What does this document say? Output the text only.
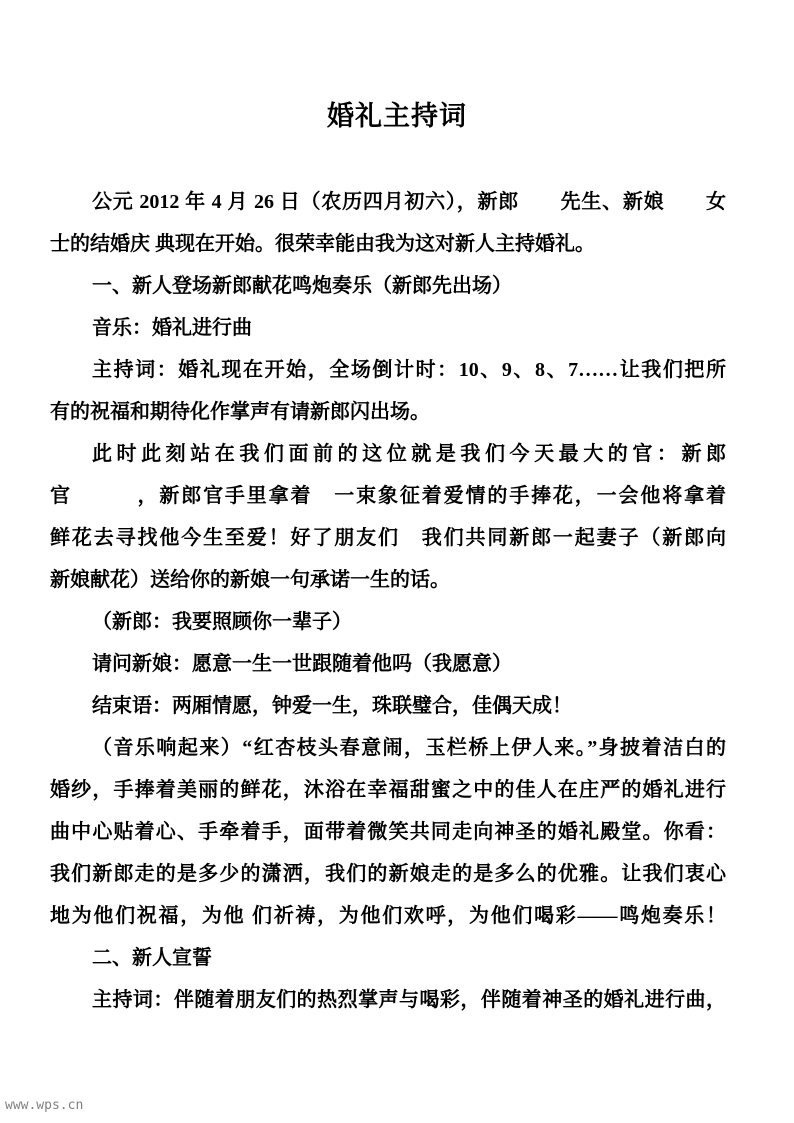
婚礼主持词
公元 2012 年 4 月 26 日（农历四月初六），新郎　　先生、新娘　　女
士的结婚庆 典现在开始。很荣幸能由我为这对新人主持婚礼。
一、新人登场新郎献花鸣炮奏乐（新郎先出场）
音乐：婚礼进行曲
主持词：婚礼现在开始，全场倒计时：10、9、8、7……让我们把所
有的祝福和期待化作掌声有请新郎闪出场。
此时此刻站在我们面前的这位就是我们今天最大的官：新郎
官　　　，新郎官手里拿着　一束象征着爱情的手捧花，一会他将拿着
鲜花去寻找他今生至爱！好了朋友们　我们共同新郎一起妻子（新郎向
新娘献花）送给你的新娘一句承诺一生的话。
（新郎：我要照顾你一辈子）
请问新娘：愿意一生一世跟随着他吗（我愿意）
结束语：两厢情愿，钟爱一生，珠联璧合，佳偶天成！
（音乐响起来）“红杏枝头春意闹，玉栏桥上伊人来。”身披着洁白的
婚纱，手捧着美丽的鲜花，沐浴在幸福甜蜜之中的佳人在庄严的婚礼进行
曲中心贴着心、手牵着手，面带着微笑共同走向神圣的婚礼殿堂。你看：
我们新郎走的是多少的潇洒，我们的新娘走的是多么的优雅。让我们衷心
地为他们祝福，为他 们祈祷，为他们欢呼，为他们喝彩——鸣炮奏乐！
二、新人宣誓
主持词：伴随着朋友们的热烈掌声与喝彩，伴随着神圣的婚礼进行曲，
www.wps.cn
